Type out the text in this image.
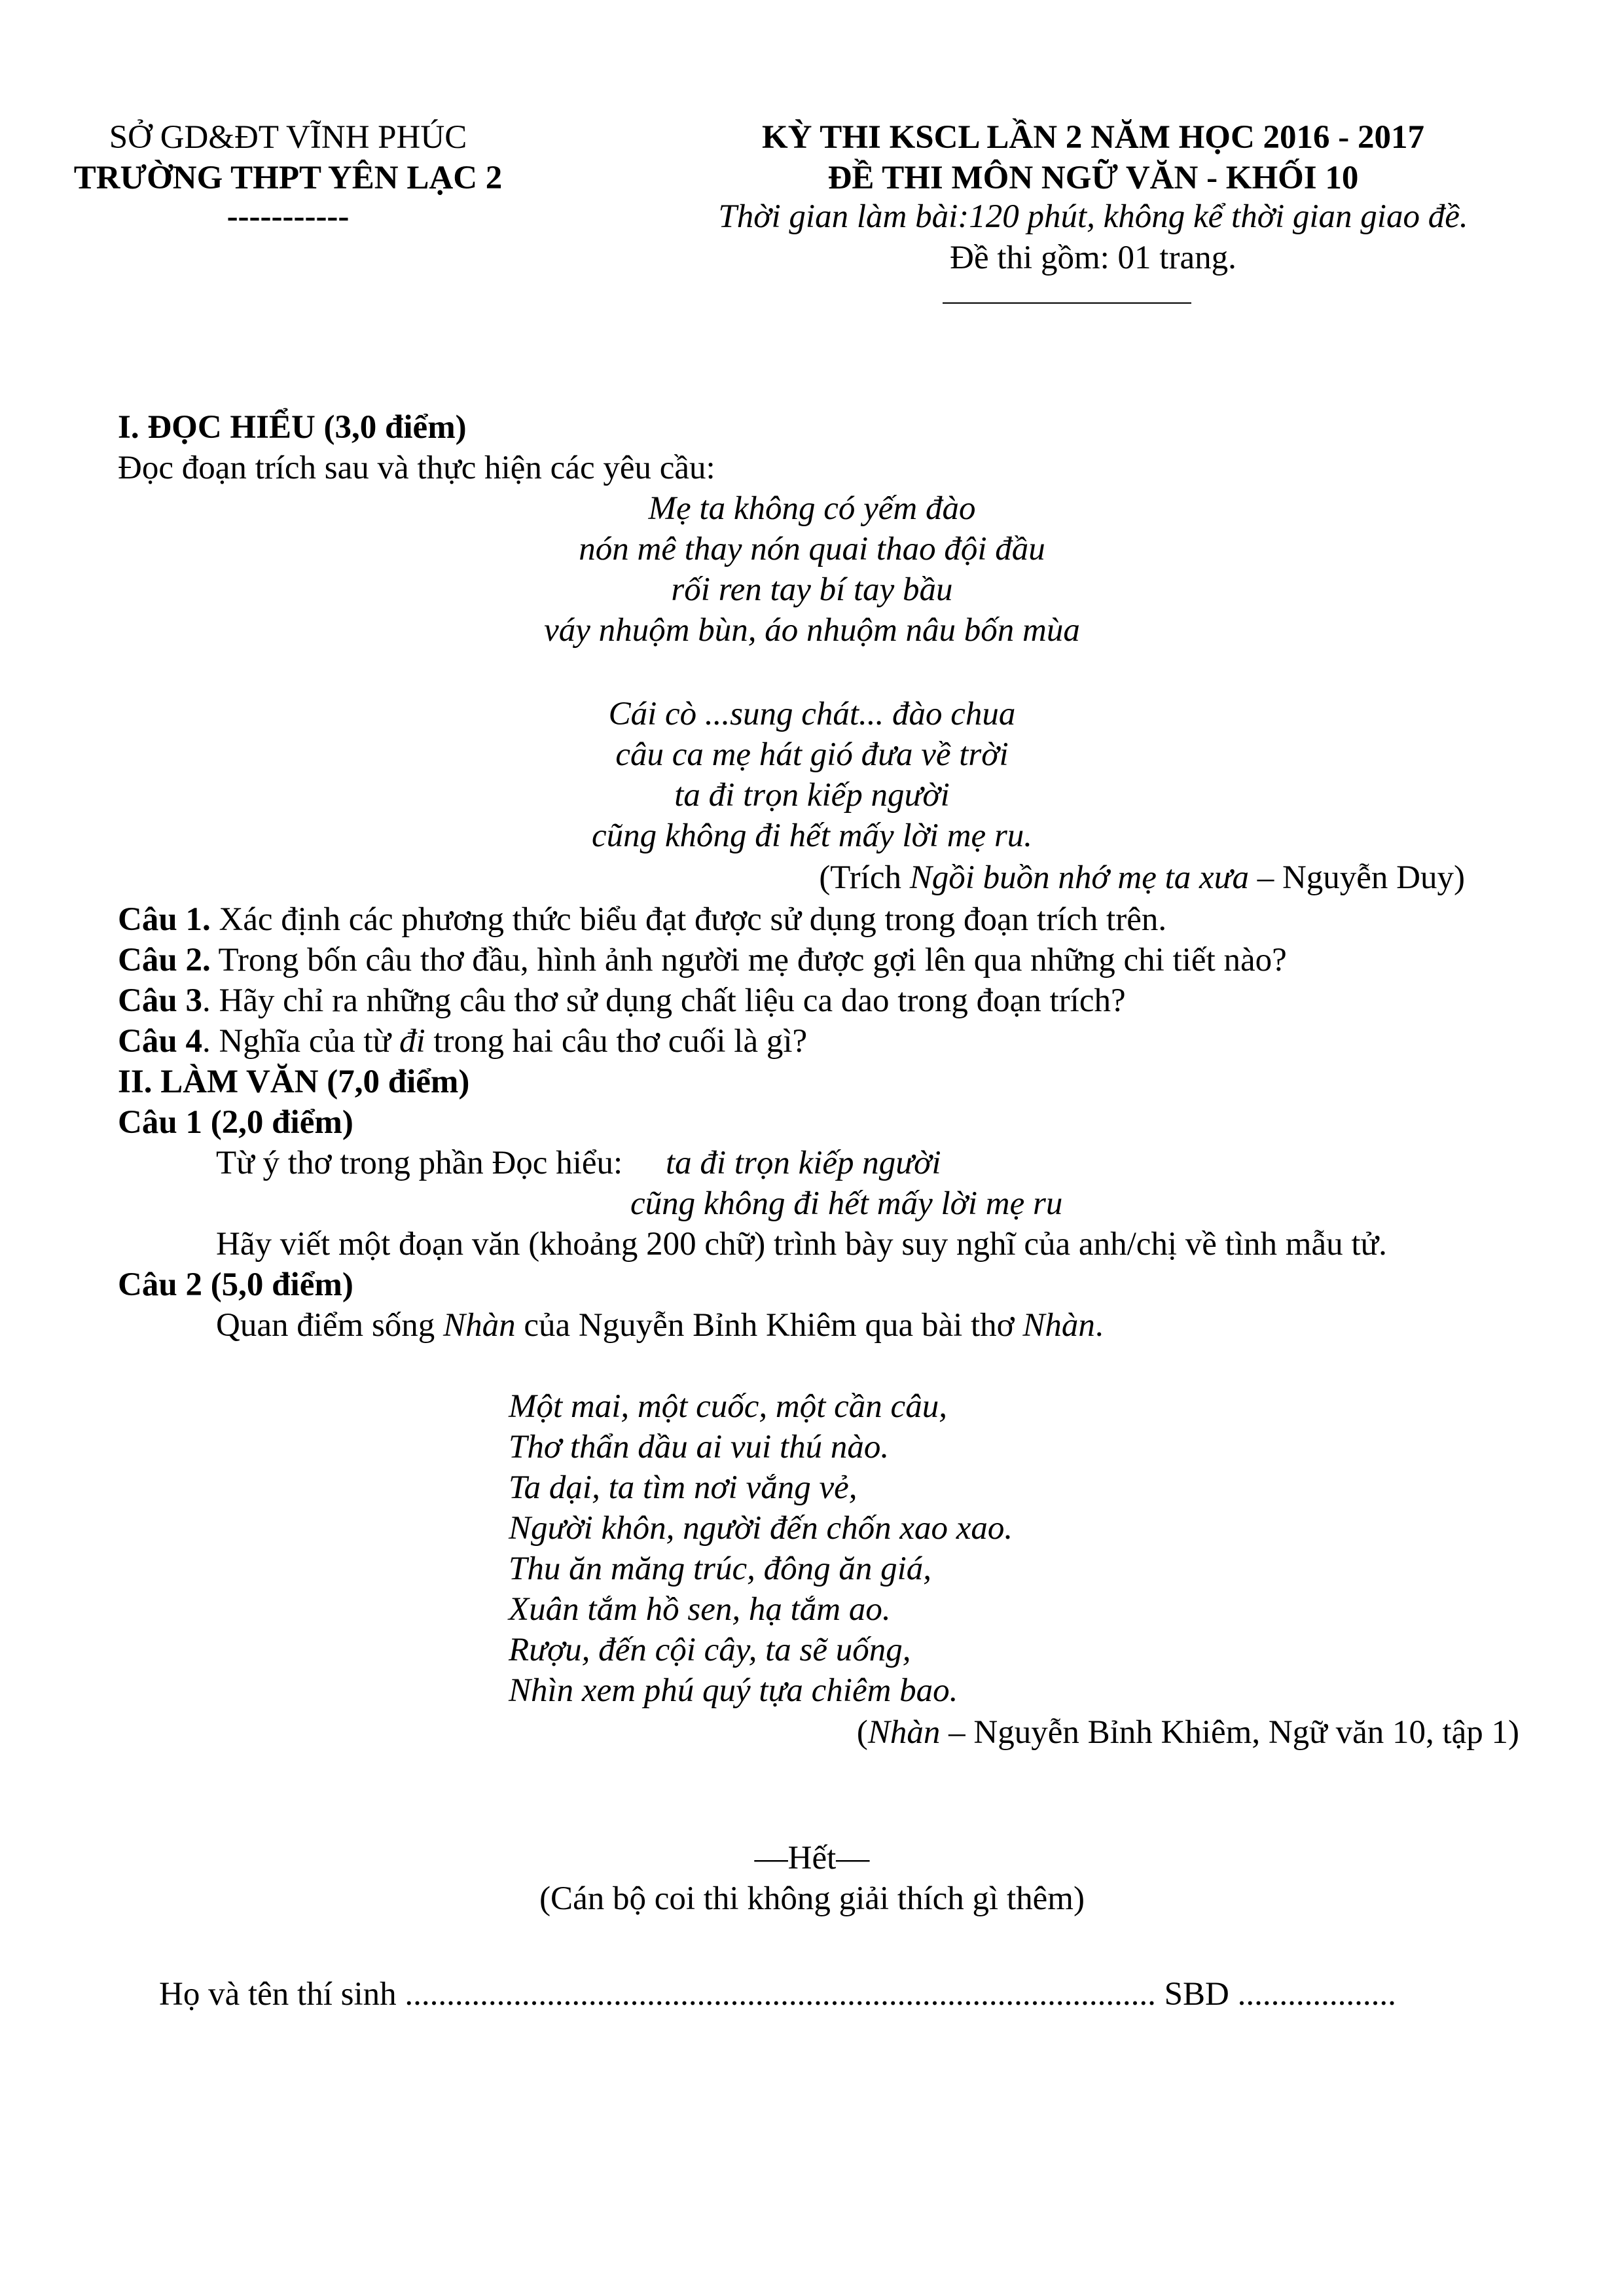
SỞ GD&ĐT VĨNH PHÚC
TRƯỜNG THPT YÊN LẠC 2
-----------
KỲ THI KSCL LẦN 2 NĂM HỌC 2016 - 2017
ĐỀ THI MÔN NGỮ VĂN - KHỐI 10
Thời gian làm bài:120 phút, không kể thời gian giao đề.
Đề thi gồm: 01 trang.
I. ĐỌC HIỂU (3,0 điểm)
Đọc đoạn trích sau và thực hiện các yêu cầu:
Mẹ ta không có yếm đào
nón mê thay nón quai thao đội đầu
rối ren tay bí tay bầu
váy nhuộm bùn, áo nhuộm nâu bốn mùa
Cái cò ...sung chát... đào chua
câu ca mẹ hát gió đưa về trời
ta đi trọn kiếp người
cũng không đi hết mấy lời mẹ ru.
(Trích Ngồi buồn nhớ mẹ ta xưa – Nguyễn Duy)
Câu 1. Xác định các phương thức biểu đạt được sử dụng trong đoạn trích trên.
Câu 2. Trong bốn câu thơ đầu, hình ảnh người mẹ được gợi lên qua những chi tiết nào?
Câu 3. Hãy chỉ ra những câu thơ sử dụng chất liệu ca dao trong đoạn trích?
Câu 4. Nghĩa của từ đi trong hai câu thơ cuối là gì?
II. LÀM VĂN (7,0 điểm)
Câu 1 (2,0 điểm)
Từ ý thơ trong phần Đọc hiểu: ta đi trọn kiếp người
cũng không đi hết mấy lời mẹ ru
Hãy viết một đoạn văn (khoảng 200 chữ) trình bày suy nghĩ của anh/chị về tình mẫu tử.
Câu 2 (5,0 điểm)
Quan điểm sống Nhàn của Nguyễn Bỉnh Khiêm qua bài thơ Nhàn.
Một mai, một cuốc, một cần câu,
Thơ thẩn dầu ai vui thú nào.
Ta dại, ta tìm nơi vắng vẻ,
Người khôn, người đến chốn xao xao.
Thu ăn măng trúc, đông ăn giá,
Xuân tắm hồ sen, hạ tắm ao.
Rượu, đến cội cây, ta sẽ uống,
Nhìn xem phú quý tựa chiêm bao.
(Nhàn – Nguyễn Bỉnh Khiêm, Ngữ văn 10, tập 1)
—Hết—
(Cán bộ coi thi không giải thích gì thêm)
Họ và tên thí sinh .......................................................................................... SBD ...................
